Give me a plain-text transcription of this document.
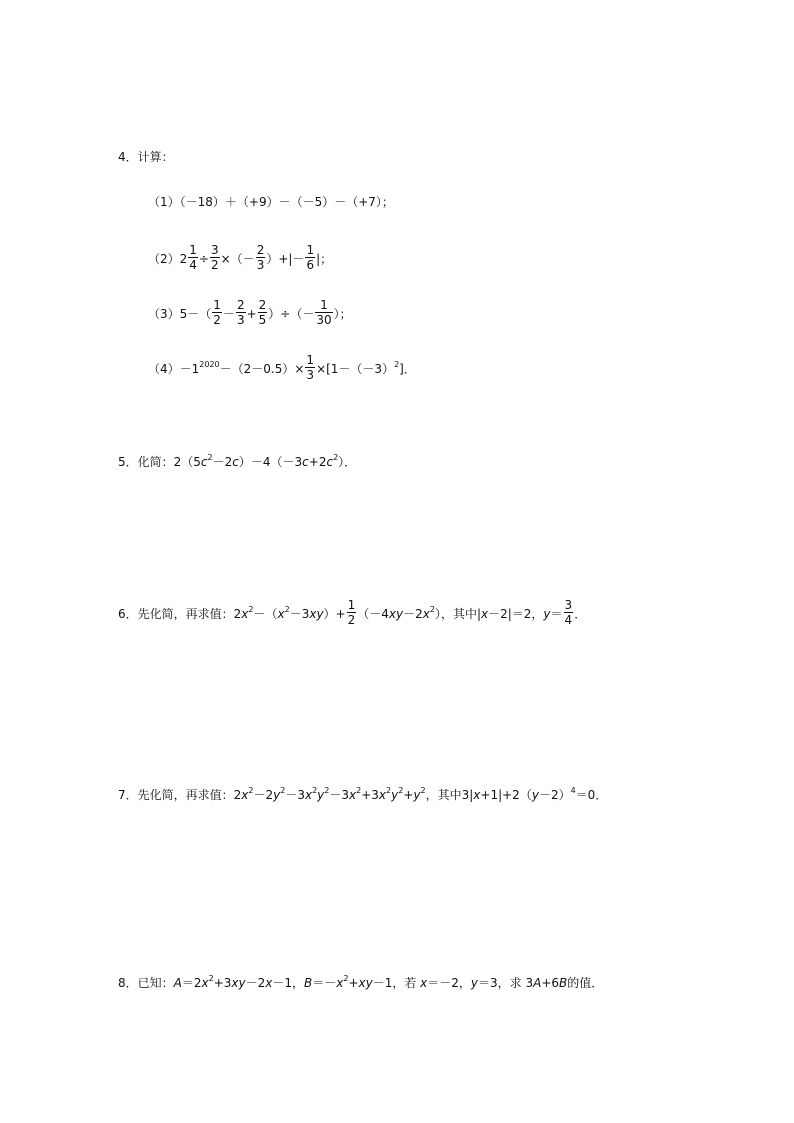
4．计算：
（1）（－18）＋（+9）－（－5）－（+7）；
$(2)2 \frac{1}{4} \div \frac{3}{2}$ ×（－ $\frac{2}{3}$ ）+|－ $\frac{1}{6}$ |；
$(3)5-( \frac{1}{2} - \frac{2}{3} + \frac{2}{5}$ ）÷（－ $\frac{1}{30}$ ）；
$(4)-1^{2020}-(2-0.5)\times \frac{1}{3} \times[1-(-3)^2]$．
5．化简：$2(5c^2-2c)-4(-3c+2c^2)$．
6．先化简，再求值：$2x^2-(x^2-3xy)+ \frac{1}{2} (-4xy-2x^2)$，其中|x－2|＝2，$y= \frac{3}{4}$ ．
7．先化简，再求值：$2x^2-2y^2-3x^2y^2-3x^2+3x^2y^2+y^2$，其中$3|x+1|+2(y-2)^4=0$．
8．已知：$A=2x^2+3xy-2x-1$，$B=-x^2+xy-1$，若 x＝－2，y＝3，求 3A+6B的值．
